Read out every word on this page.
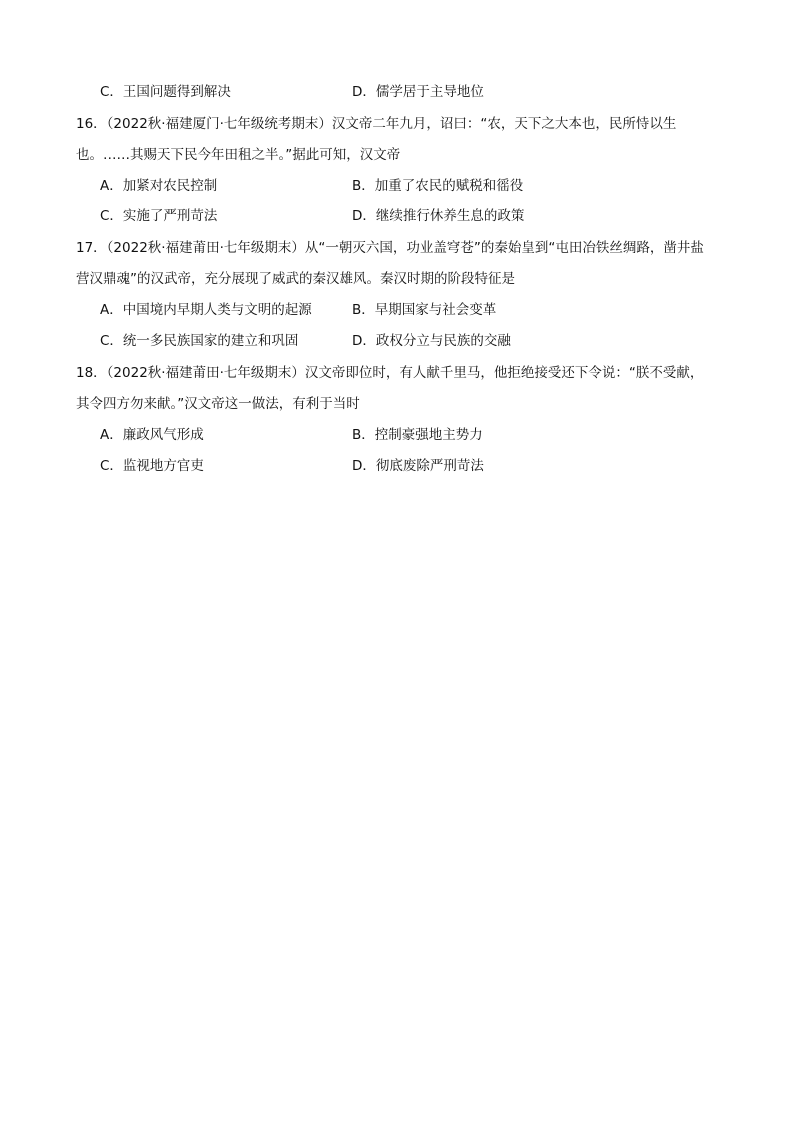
C．王国问题得到解决	D．儒学居于主导地位
16．（2022秋·福建厦门·七年级统考期末）汉文帝二年九月，诏曰：“农，天下之大本也，民所恃以生
也。……其赐天下民今年田租之半。”据此可知，汉文帝
A．加紧对农民控制	B．加重了农民的赋税和徭役
C．实施了严刑苛法	D．继续推行休养生息的政策
17．（2022秋·福建莆田·七年级期末）从“一朝灭六国，功业盖穹苍”的秦始皇到“屯田冶铁丝绸路，凿井盐
营汉鼎魂”的汉武帝，充分展现了威武的秦汉雄风。秦汉时期的阶段特征是
A．中国境内早期人类与文明的起源	B．早期国家与社会变革
C．统一多民族国家的建立和巩固	D．政权分立与民族的交融
18．（2022秋·福建莆田·七年级期末）汉文帝即位时，有人献千里马，他拒绝接受还下令说：“朕不受献，
其令四方勿来献。”汉文帝这一做法，有利于当时
A．廉政风气形成	B．控制豪强地主势力
C．监视地方官吏	D．彻底废除严刑苛法
